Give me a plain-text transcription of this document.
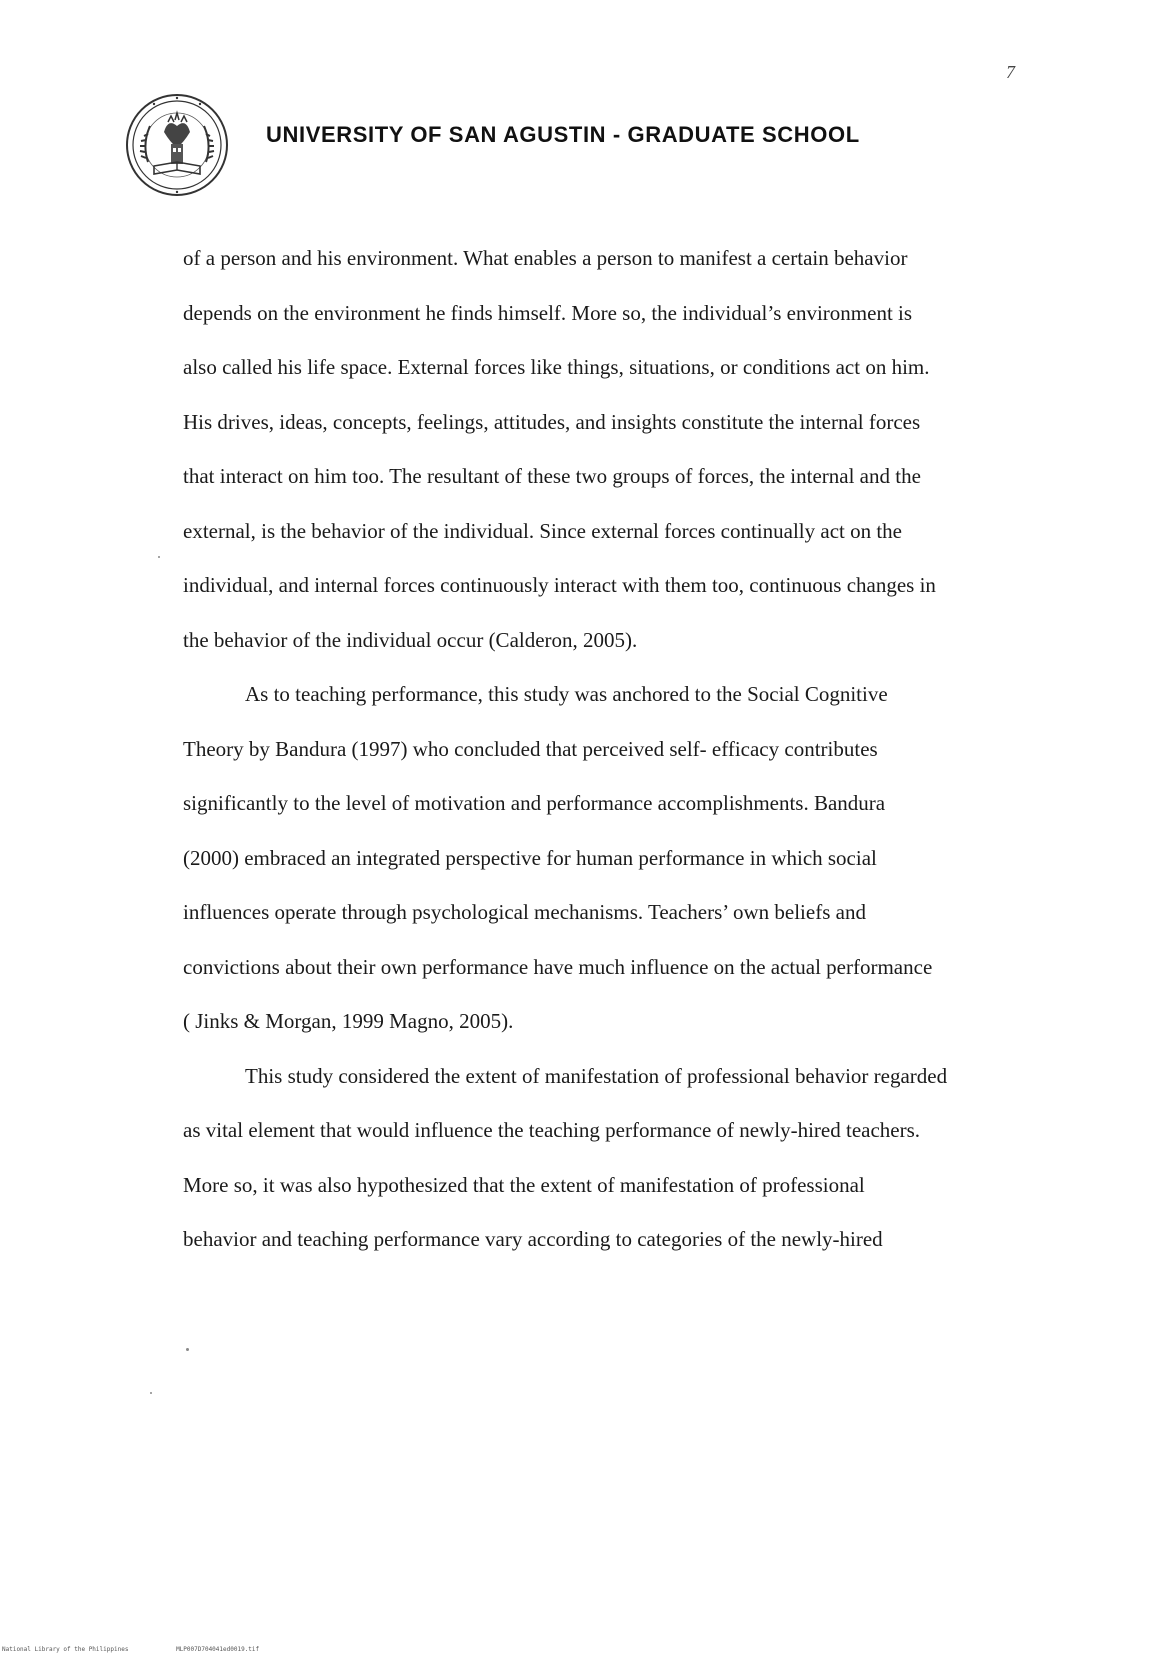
7
UNIVERSITY OF SAN AGUSTIN - GRADUATE SCHOOL
of a person and his environment. What enables a person to manifest a certain behavior
depends on the environment he finds himself. More so, the individual’s environment is
also called his life space. External forces like things, situations, or conditions act on him.
His drives, ideas, concepts, feelings, attitudes, and insights constitute the internal forces
that interact on him too. The resultant of these two groups of forces, the internal and the
external, is the behavior of the individual. Since external forces continually act on the
individual, and internal forces continuously interact with them too, continuous changes in
the behavior of the individual occur (Calderon, 2005).
As to teaching performance, this study was anchored to the Social Cognitive
Theory by Bandura (1997) who concluded that perceived self- efficacy contributes
significantly to the level of motivation and performance accomplishments. Bandura
(2000) embraced an integrated perspective for human performance in which social
influences operate through psychological mechanisms. Teachers’ own beliefs and
convictions about their own performance have much influence on the actual performance
( Jinks & Morgan, 1999 Magno, 2005).
This study considered the extent of manifestation of professional behavior regarded
as vital element that would influence the teaching performance of newly-hired teachers.
More so, it was also hypothesized that the extent of manifestation of professional
behavior and teaching performance vary according to categories of the newly-hired
National Library of the Philippines	MLP007D704041ed0019.tif
